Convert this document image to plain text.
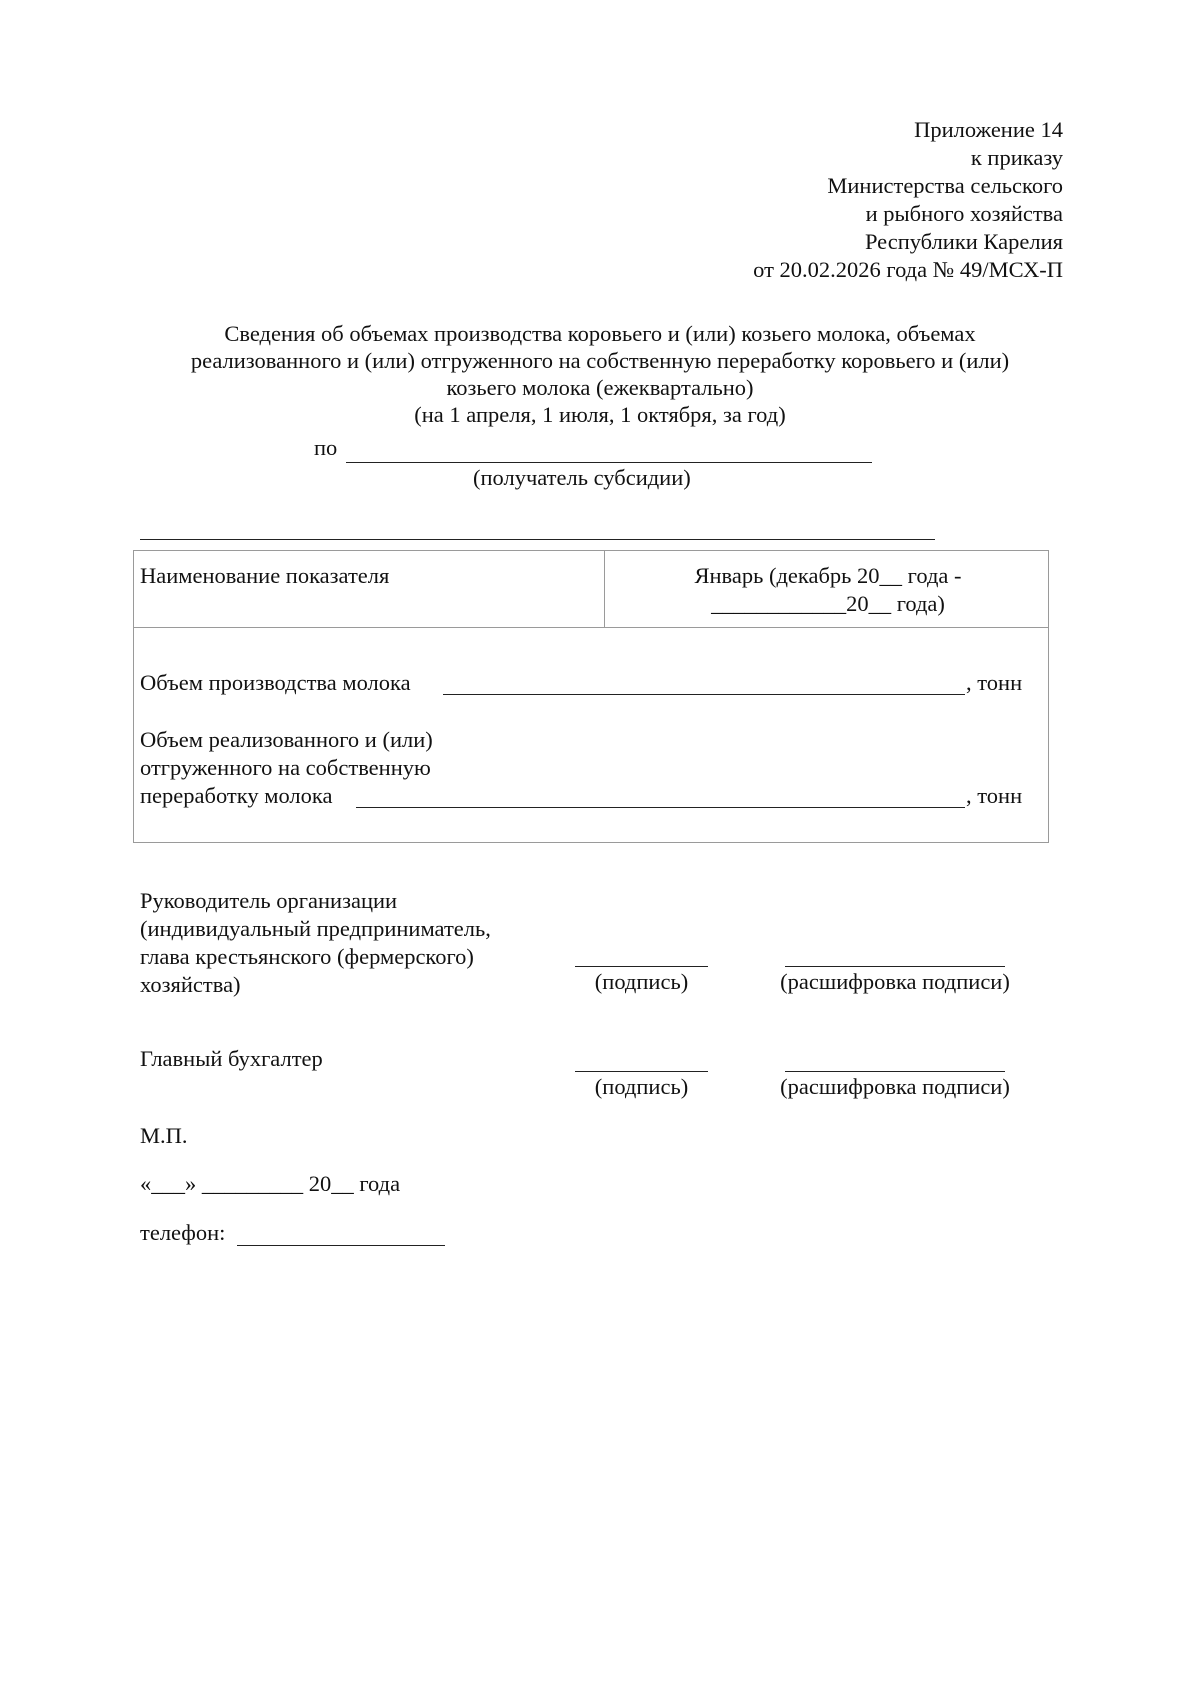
Приложение 14
к приказу
Министерства сельского
и рыбного хозяйства
Республики Карелия
от 20.02.2026 года № 49/МСХ-П
Сведения об объемах производства коровьего и (или) козьего молока, объемах
реализованного и (или) отгруженного на собственную переработку коровьего и (или)
козьего молока (ежеквартально)
(на 1 апреля, 1 июля, 1 октября, за год)
по
(получатель субсидии)
Наименование показателя	Январь (декабрь 20__ года -
____________20__ года)
Объем производства молока	, тонн
Объем реализованного и (или)
отгруженного на собственную
переработку молока	, тонн
Руководитель организации
(индивидуальный предприниматель,
глава крестьянского (фермерского)
хозяйства)	(подпись)	(расшифровка подписи)
Главный бухгалтер
(подпись)	(расшифровка подписи)
М.П.
«___» _________ 20__ года
телефон:
